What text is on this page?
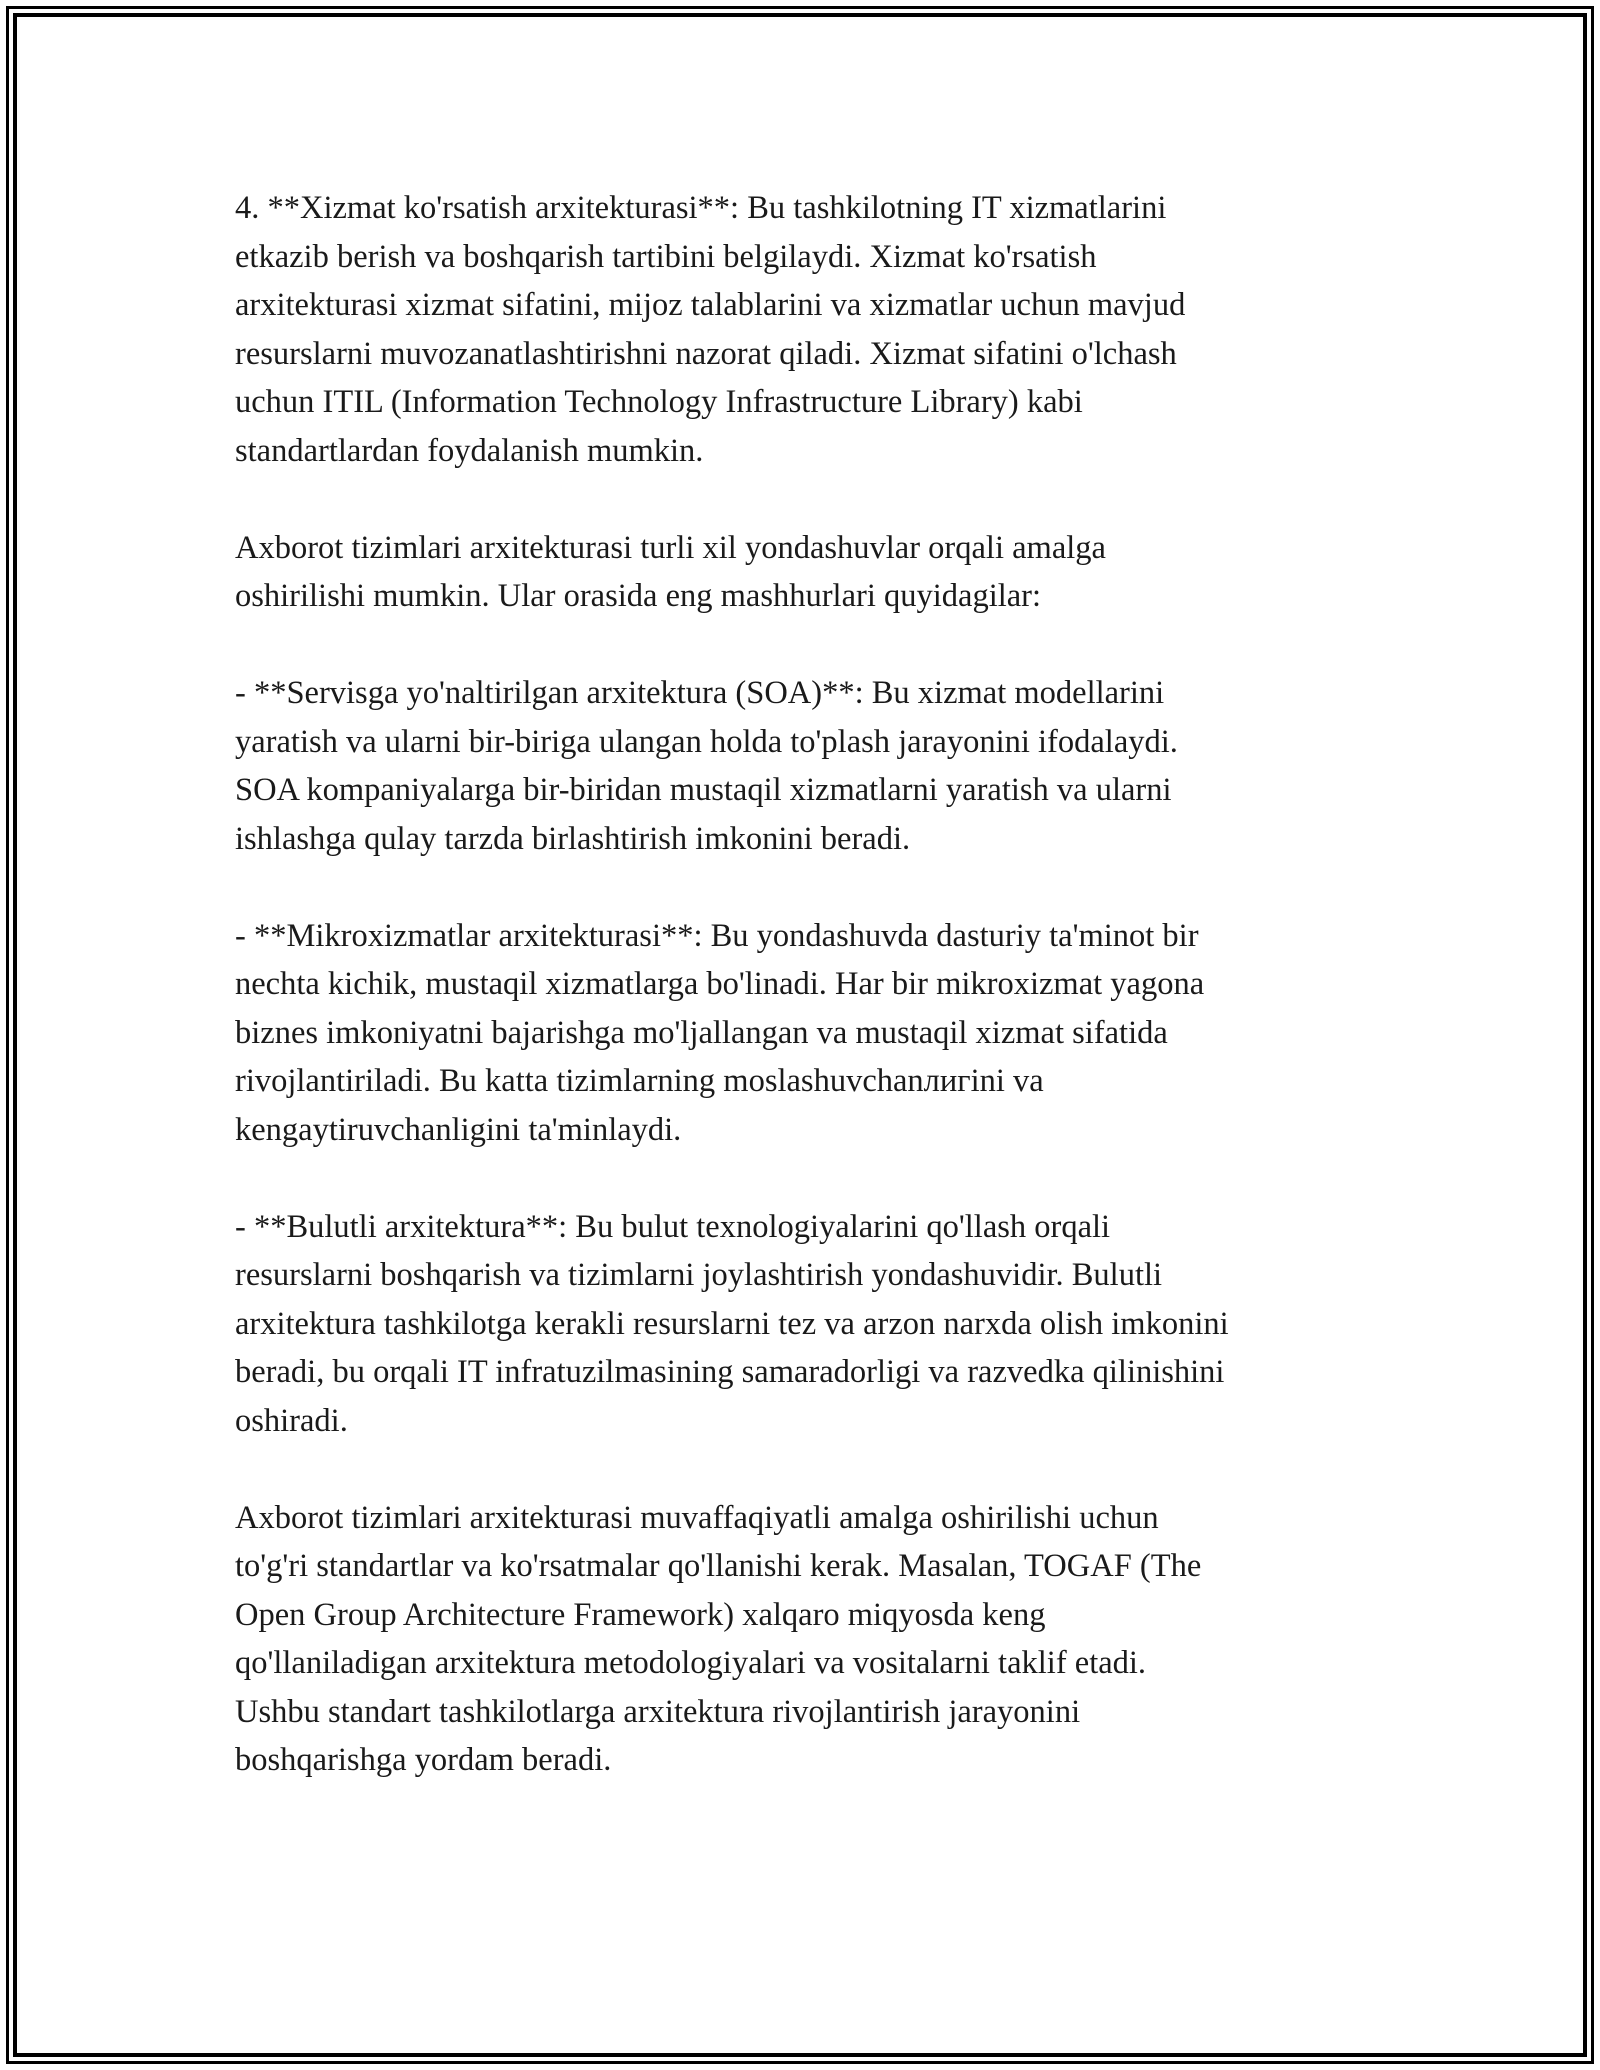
4. **Xizmat ko'rsatish arxitekturasi**: Bu tashkilotning IT xizmatlarini
etkazib berish va boshqarish tartibini belgilaydi. Xizmat ko'rsatish
arxitekturasi xizmat sifatini, mijoz talablarini va xizmatlar uchun mavjud
resurslarni muvozanatlashtirishni nazorat qiladi. Xizmat sifatini o'lchash
uchun ITIL (Information Technology Infrastructure Library) kabi
standartlardan foydalanish mumkin.

Axborot tizimlari arxitekturasi turli xil yondashuvlar orqali amalga
oshirilishi mumkin. Ular orasida eng mashhurlari quyidagilar:

- **Servisga yo'naltirilgan arxitektura (SOA)**: Bu xizmat modellarini
yaratish va ularni bir-biriga ulangan holda to'plash jarayonini ifodalaydi.
SOA kompaniyalarga bir-biridan mustaqil xizmatlarni yaratish va ularni
ishlashga qulay tarzda birlashtirish imkonini beradi.

- **Mikroxizmatlar arxitekturasi**: Bu yondashuvda dasturiy ta'minot bir
nechta kichik, mustaqil xizmatlarga bo'linadi. Har bir mikroxizmat yagona
biznes imkoniyatni bajarishga mo'ljallangan va mustaqil xizmat sifatida
rivojlantiriladi. Bu katta tizimlarning moslashuvchanлигini va
kengaytiruvchanligini ta'minlaydi.

- **Bulutli arxitektura**: Bu bulut texnologiyalarini qo'llash orqali
resurslarni boshqarish va tizimlarni joylashtirish yondashuvidir. Bulutli
arxitektura tashkilotga kerakli resurslarni tez va arzon narxda olish imkonini
beradi, bu orqali IT infratuzilmasining samaradorligi va razvedka qilinishini
oshiradi.

Axborot tizimlari arxitekturasi muvaffaqiyatli amalga oshirilishi uchun
to'g'ri standartlar va ko'rsatmalar qo'llanishi kerak. Masalan, TOGAF (The
Open Group Architecture Framework) xalqaro miqyosda keng
qo'llaniladigan arxitektura metodologiyalari va vositalarni taklif etadi.
Ushbu standart tashkilotlarga arxitektura rivojlantirish jarayonini
boshqarishga yordam beradi.
